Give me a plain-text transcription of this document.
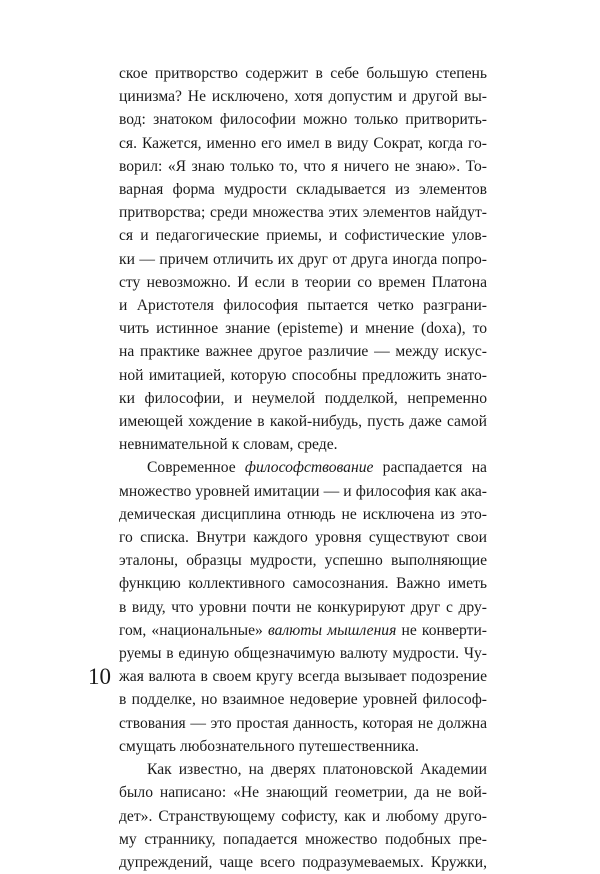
ское притворство содержит в себе большую степень
цинизма? Не исключено, хотя допустим и другой вы-
вод: знатоком философии можно только притворить-
ся. Кажется, именно его имел в виду Сократ, когда го-
ворил: «Я знаю только то, что я ничего не знаю». То-
варная форма мудрости складывается из элементов
притворства; среди множества этих элементов найдут-
ся и педагогические приемы, и софистические улов-
ки — причем отличить их друг от друга иногда попро-
сту невозможно. И если в теории со времен Платона
и Аристотеля философия пытается четко разграни-
чить истинное знание (episteme) и мнение (doxa), то
на практике важнее другое различие — между искус-
ной имитацией, которую способны предложить знато-
ки философии, и неумелой подделкой, непременно
имеющей хождение в какой-нибудь, пусть даже самой
невнимательной к словам, среде.
Современное философствование распадается на
множество уровней имитации — и философия как ака-
демическая дисциплина отнюдь не исключена из это-
го списка. Внутри каждого уровня существуют свои
эталоны, образцы мудрости, успешно выполняющие
функцию коллективного самосознания. Важно иметь
в виду, что уровни почти не конкурируют друг с дру-
гом, «национальные» валюты мышления не конверти-
руемы в единую общезначимую валюту мудрости. Чу-
жая валюта в своем кругу всегда вызывает подозрение
в подделке, но взаимное недоверие уровней философ-
ствования — это простая данность, которая не должна
смущать любознательного путешественника.
Как известно, на дверях платоновской Академии
было написано: «Не знающий геометрии, да не вой-
дет». Странствующему софисту, как и любому друго-
му страннику, попадается множество подобных пре-
дупреждений, чаще всего подразумеваемых. Кружки,
10
